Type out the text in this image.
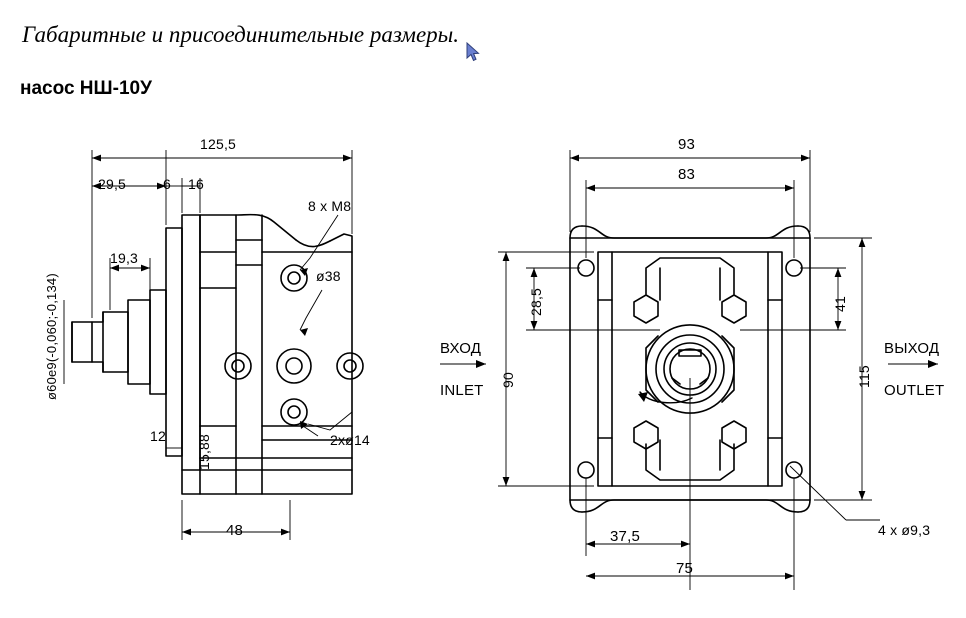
Габаритные и присоединительные размеры.
насос НШ-10У
125,5
29,5	6 16
19,3
ø60e9(-0,060;-0,134)	ø38
8 x M8
2xø14
15,88
12
48
93
83
28,5	41
115
90
37,5
75
4 x ø9,3
ВХОД
INLET
ВЫХОД
OUTLET
